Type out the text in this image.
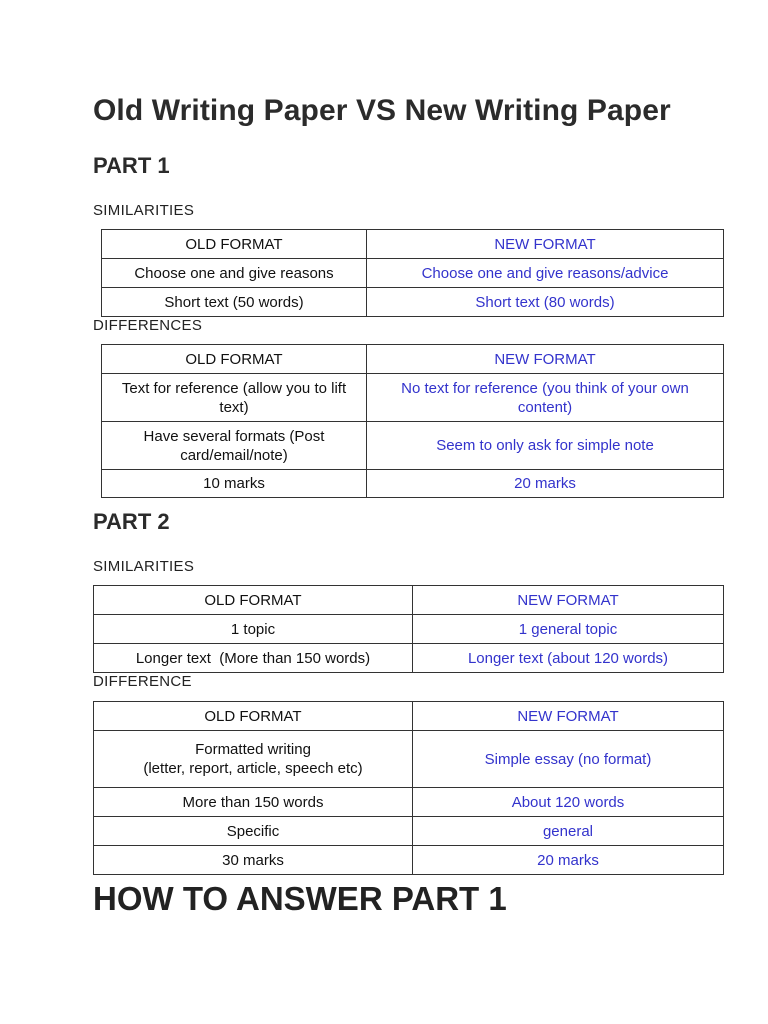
Old Writing Paper VS New Writing Paper
PART 1
SIMILARITIES
OLD FORMAT	NEW FORMAT
Choose one and give reasons	Choose one and give reasons/advice
Short text (50 words)	Short text (80 words)
DIFFERENCES
OLD FORMAT	NEW FORMAT
Text for reference (allow you to lift text)	No text for reference (you think of your own content)
Have several formats (Post card/email/note)	Seem to only ask for simple note
10 marks	20 marks
PART 2
SIMILARITIES
OLD FORMAT	NEW FORMAT
1 topic	1 general topic
Longer text  (More than 150 words)	Longer text (about 120 words)
DIFFERENCE
OLD FORMAT	NEW FORMAT

Formatted writing
(letter, report, article, speech etc)	Simple essay (no format)
More than 150 words	About 120 words
Specific	general
30 marks	20 marks
HOW TO ANSWER PART 1
